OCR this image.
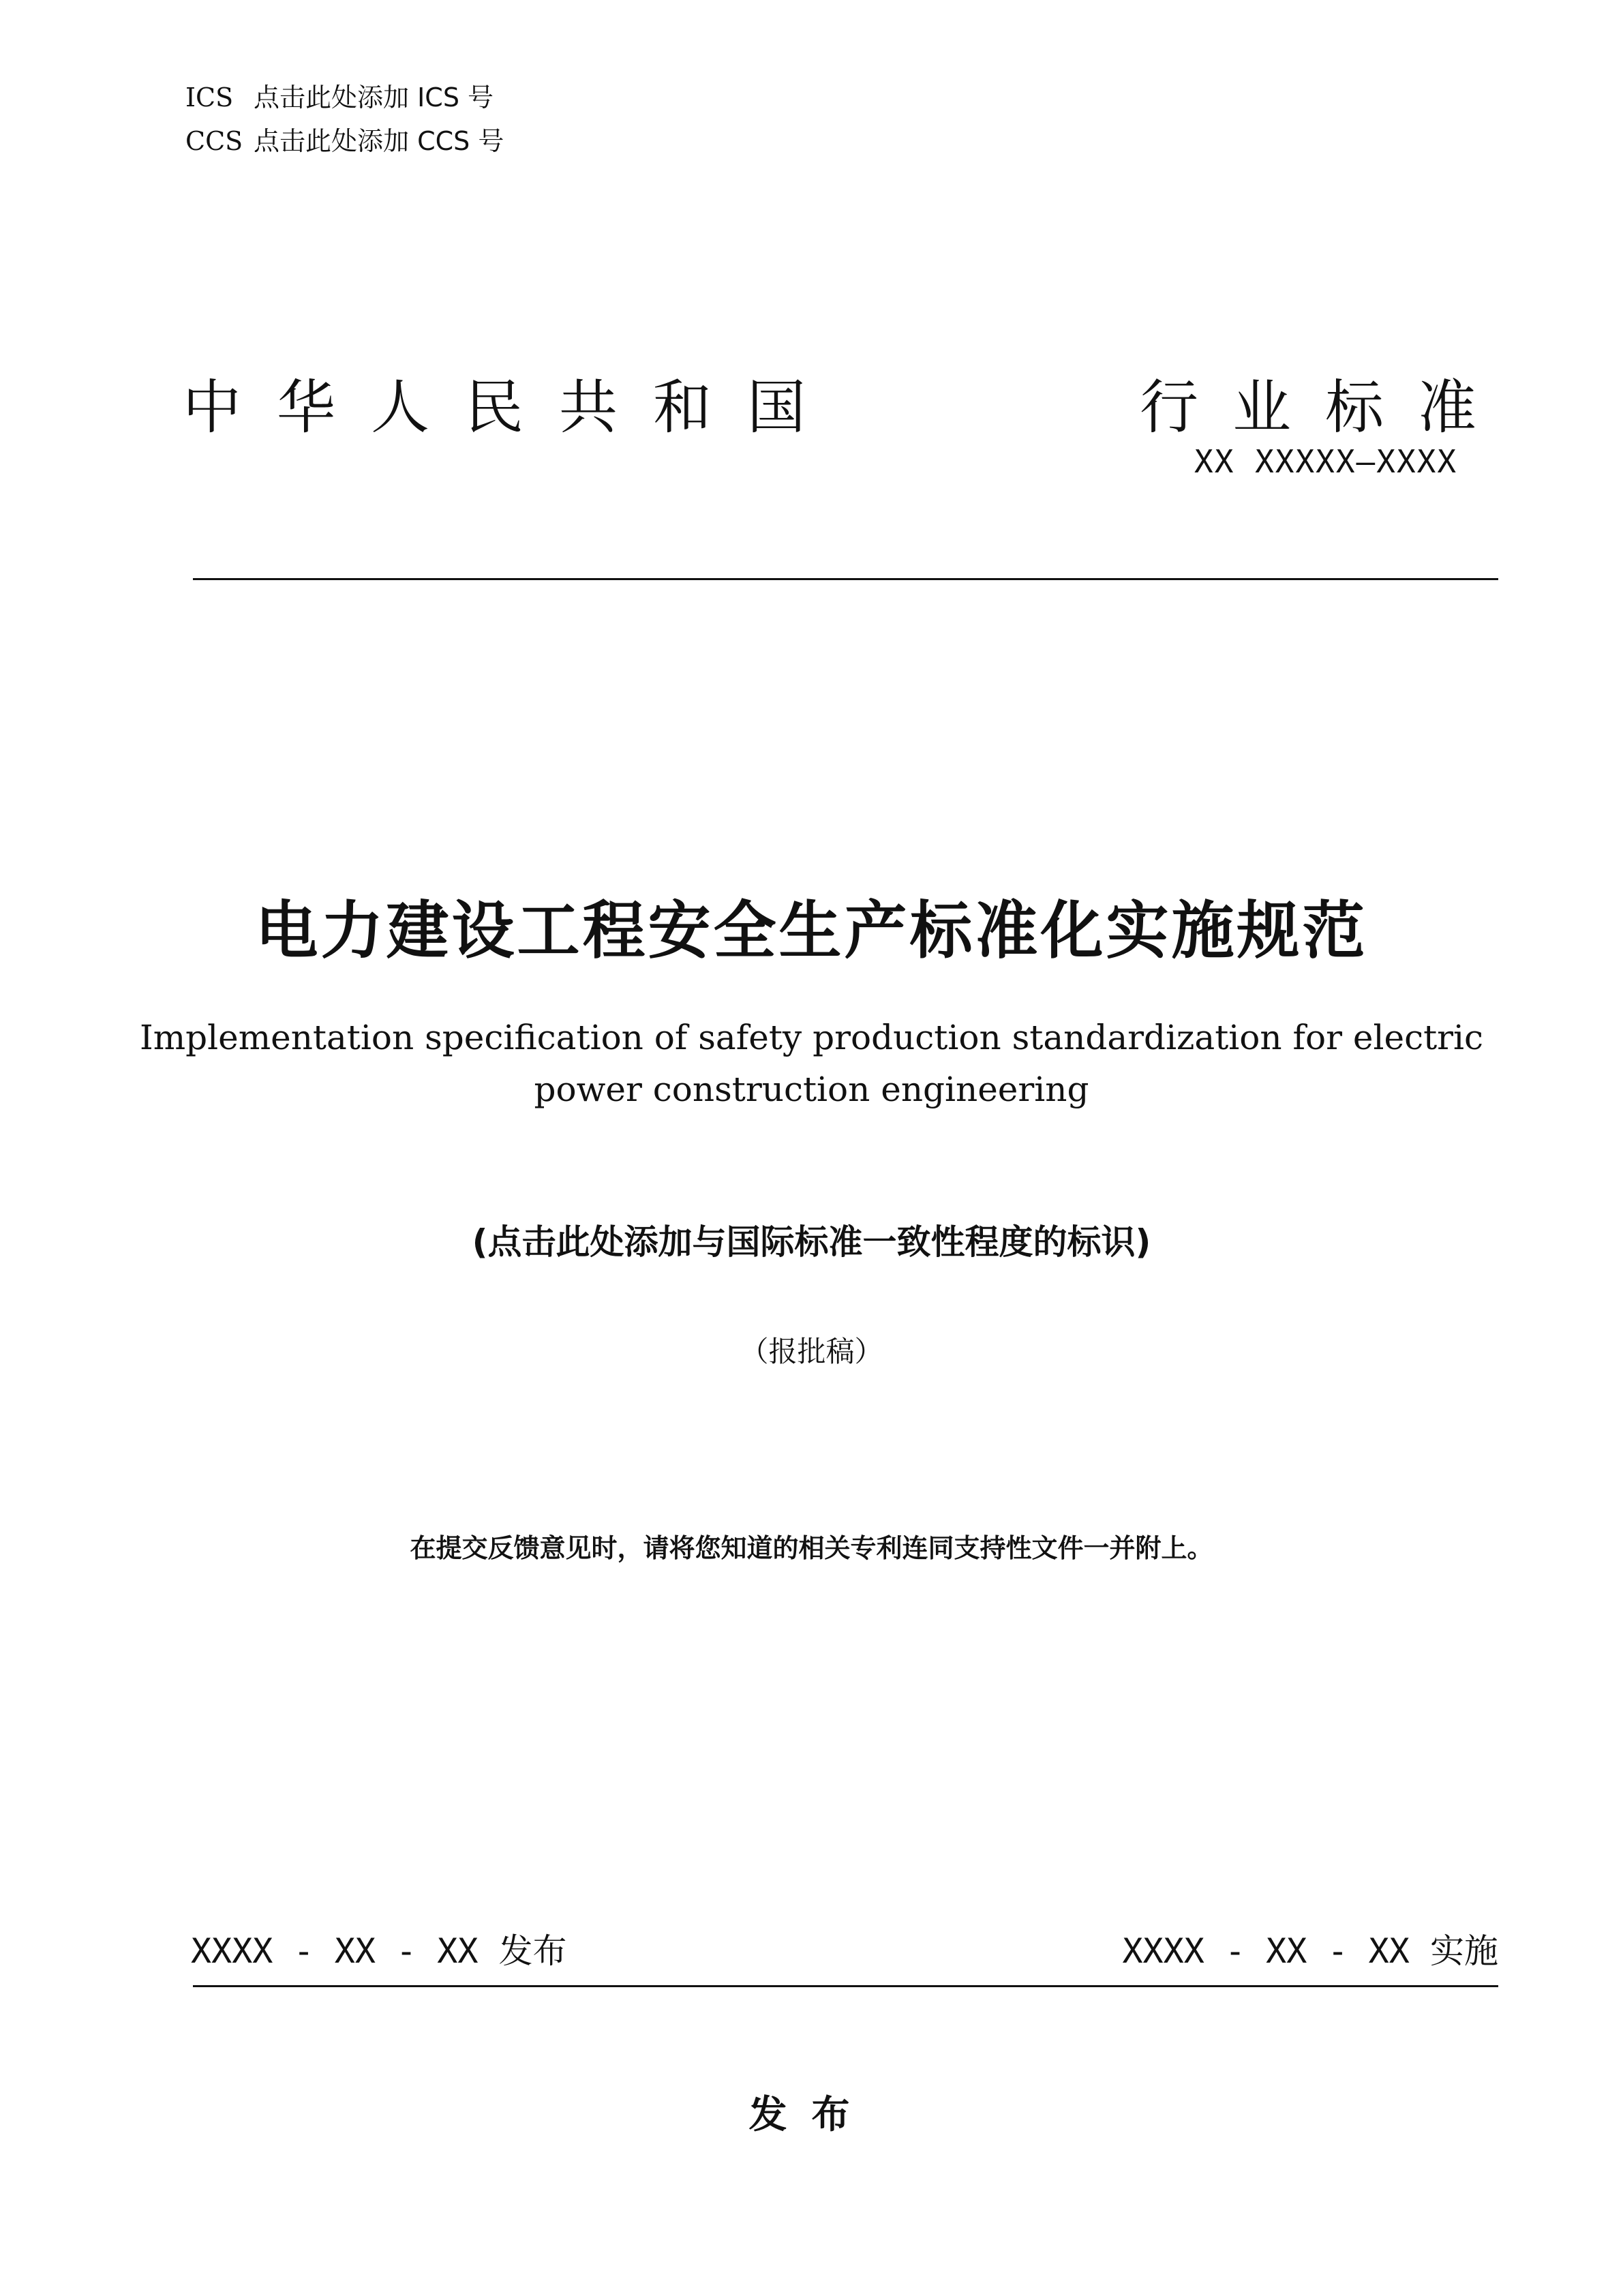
ICS 点击此处添加 ICS 号
CCS 点击此处添加 CCS 号
中华人民共和国	行业标准
XX XXXXX—XXXX
电力建设工程安全生产标准化实施规范
Implementation specification of safety production standardization for electric power construction engineering
(点击此处添加与国际标准一致性程度的标识)
（报批稿）
在提交反馈意见时，请将您知道的相关专利连同支持性文件一并附上。
XXXX - XX - XX 发布	XXXX - XX - XX 实施
发布
